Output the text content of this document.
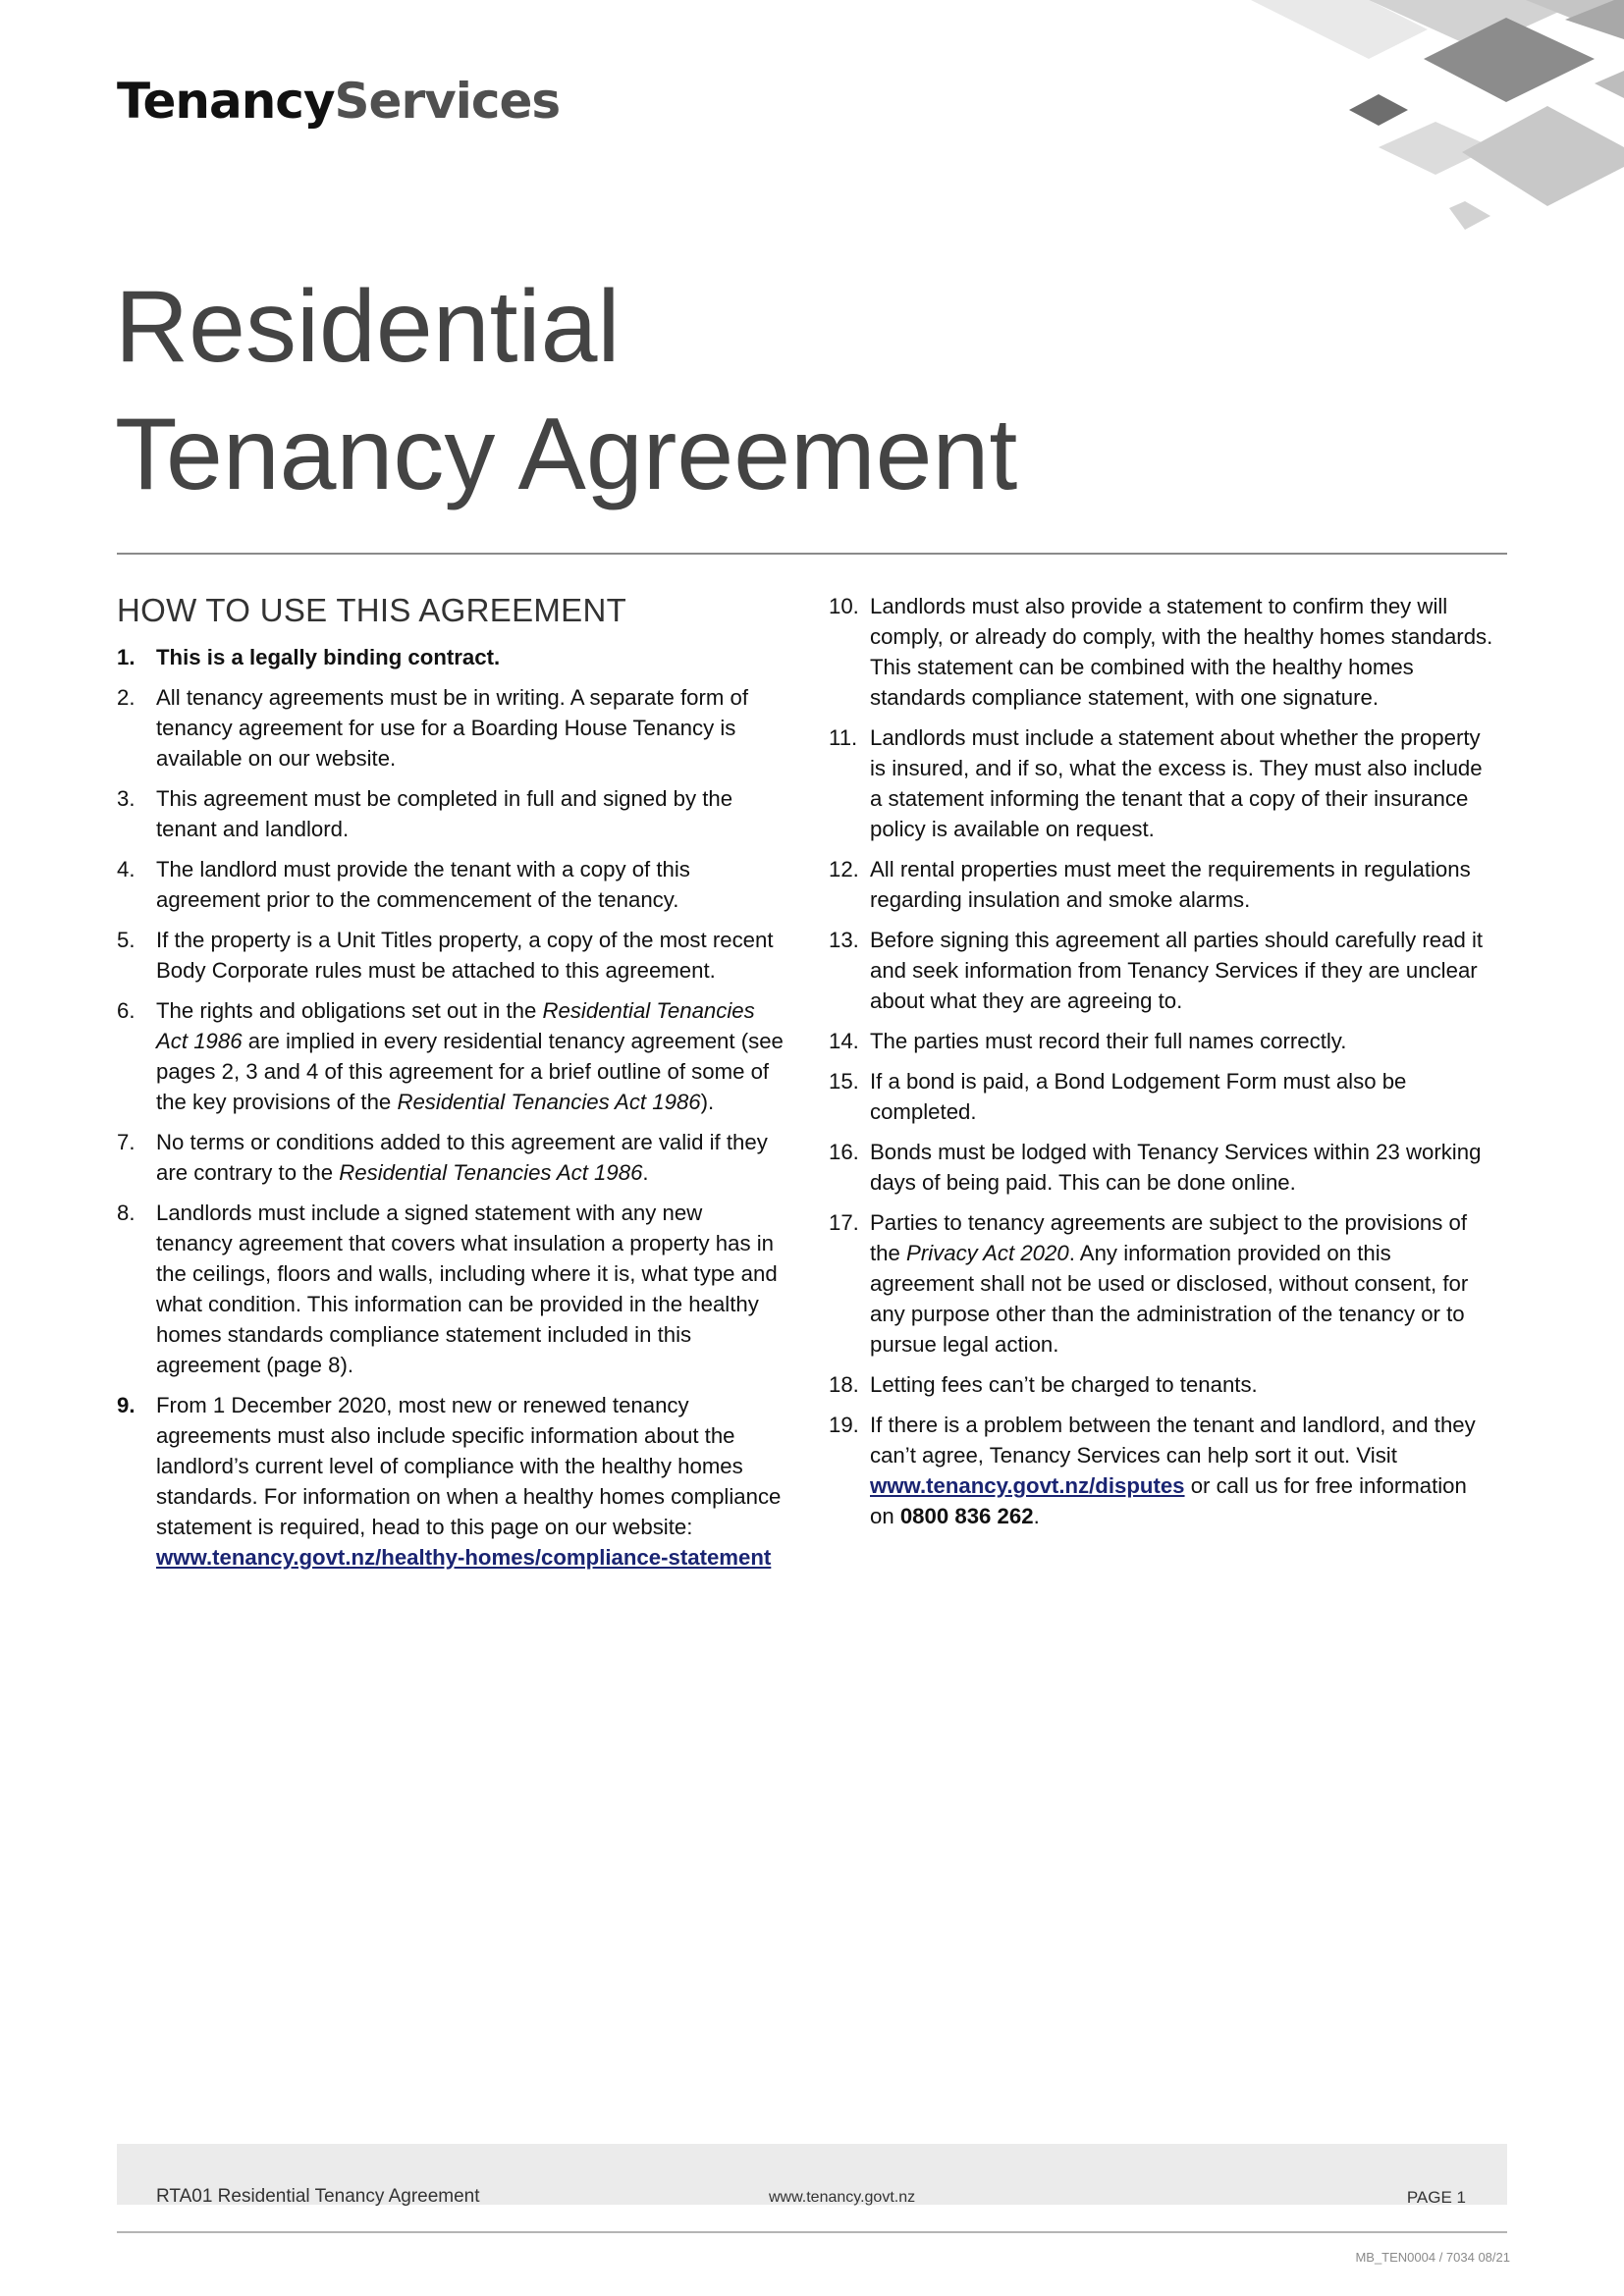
TenancyServices
Residential
Tenancy Agreement
HOW TO USE THIS AGREEMENT
1. This is a legally binding contract.
2. All tenancy agreements must be in writing. A separate form of tenancy agreement for use for a Boarding House Tenancy is available on our website.
3. This agreement must be completed in full and signed by the tenant and landlord.
4. The landlord must provide the tenant with a copy of this agreement prior to the commencement of the tenancy.
5. If the property is a Unit Titles property, a copy of the most recent Body Corporate rules must be attached to this agreement.
6. The rights and obligations set out in the Residential Tenancies Act 1986 are implied in every residential tenancy agreement (see pages 2, 3 and 4 of this agreement for a brief outline of some of the key provisions of the Residential Tenancies Act 1986).
7. No terms or conditions added to this agreement are valid if they are contrary to the Residential Tenancies Act 1986.
8. Landlords must include a signed statement with any new tenancy agreement that covers what insulation a property has in the ceilings, floors and walls, including where it is, what type and what condition. This information can be provided in the healthy homes standards compliance statement included in this agreement (page 8).
9. From 1 December 2020, most new or renewed tenancy agreements must also include specific information about the landlord’s current level of compliance with the healthy homes standards. For information on when a healthy homes compliance statement is required, head to this page on our website:
www.tenancy.govt.nz/healthy-homes/compliance-statement
10. Landlords must also provide a statement to confirm they will comply, or already do comply, with the healthy homes standards. This statement can be combined with the healthy homes standards compliance statement, with one signature.
11. Landlords must include a statement about whether the property is insured, and if so, what the excess is. They must also include a statement informing the tenant that a copy of their insurance policy is available on request.
12. All rental properties must meet the requirements in regulations regarding insulation and smoke alarms.
13. Before signing this agreement all parties should carefully read it and seek information from Tenancy Services if they are unclear about what they are agreeing to.
14. The parties must record their full names correctly.
15. If a bond is paid, a Bond Lodgement Form must also be completed.
16. Bonds must be lodged with Tenancy Services within 23 working days of being paid. This can be done online.
17. Parties to tenancy agreements are subject to the provisions of the Privacy Act 2020. Any information provided on this agreement shall not be used or disclosed, without consent, for any purpose other than the administration of the tenancy or to pursue legal action.
18. Letting fees can’t be charged to tenants.
19. If there is a problem between the tenant and landlord, and they can’t agree, Tenancy Services can help sort it out. Visit www.tenancy.govt.nz/disputes or call us for free information on 0800 836 262.
RTA01 Residential Tenancy Agreement	www.tenancy.govt.nz	PAGE 1
MB_TEN0004 / 7034 08/21
